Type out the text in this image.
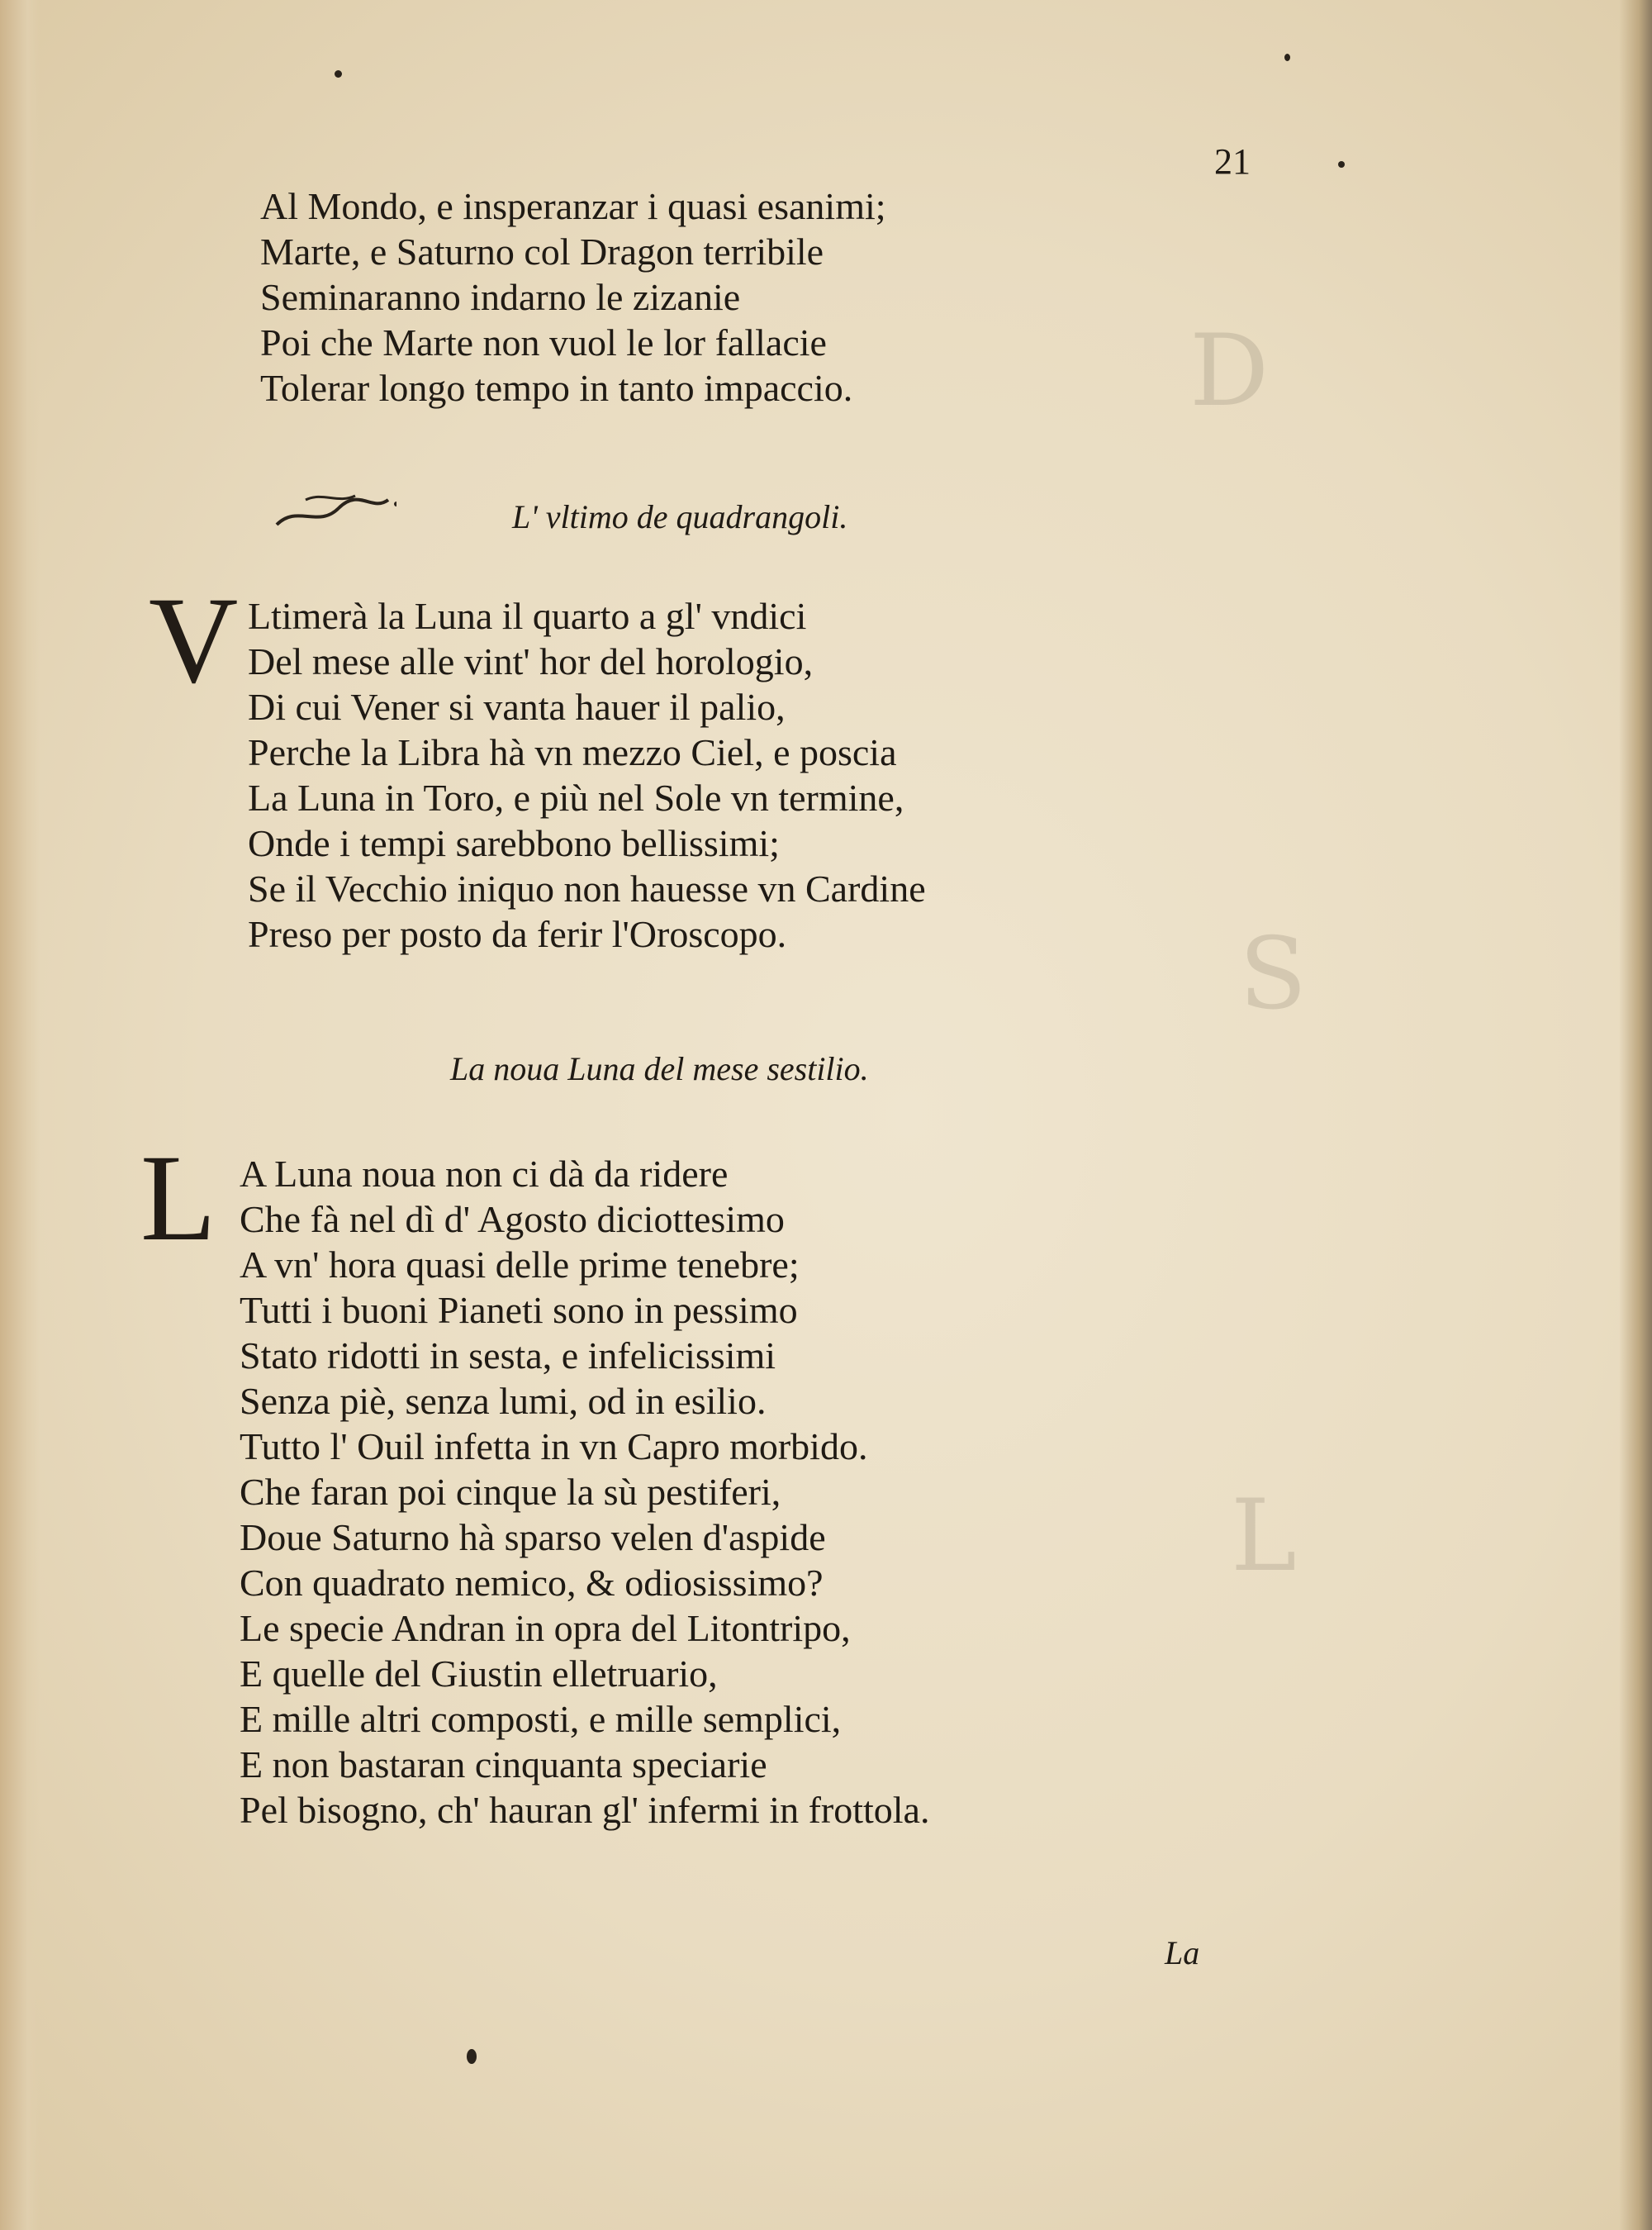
D
S
L
21
Al Mondo, e insperanzar i quasi esanimi;
Marte, e Saturno col Dragon terribile
Seminaranno indarno le zizanie
Poi che Marte non vuol le lor fallacie
Tolerar longo tempo in tanto impaccio.
L' vltimo de quadrangoli.
V Ltimerà la Luna il quarto a gl' vndici
Del mese alle vint' hor del horologio,
Di cui Vener si vanta hauer il palio,
Perche la Libra hà vn mezzo Ciel, e poscia
La Luna in Toro, e più nel Sole vn termine,
Onde i tempi sarebbono bellissimi;
Se il Vecchio iniquo non hauesse vn Cardine
Preso per posto da ferir l'Oroscopo.
La noua Luna del mese sestilio.
L A Luna noua non ci dà da ridere
Che fà nel dì d' Agosto diciottesimo
A vn' hora quasi delle prime tenebre;
Tutti i buoni Pianeti sono in pessimo
Stato ridotti in sesta, e infelicissimi
Senza piè, senza lumi, od in esilio.
Tutto l' Ouil infetta in vn Capro morbido.
Che faran poi cinque la sù pestiferi,
Doue Saturno hà sparso velen d'aspide
Con quadrato nemico, & odiosissimo?
Le specie Andran in opra del Litontripo,
E quelle del Giustin elletruario,
E mille altri composti, e mille semplici,
E non bastaran cinquanta speciarie
Pel bisogno, ch' hauran gl' infermi in frottola.
La
